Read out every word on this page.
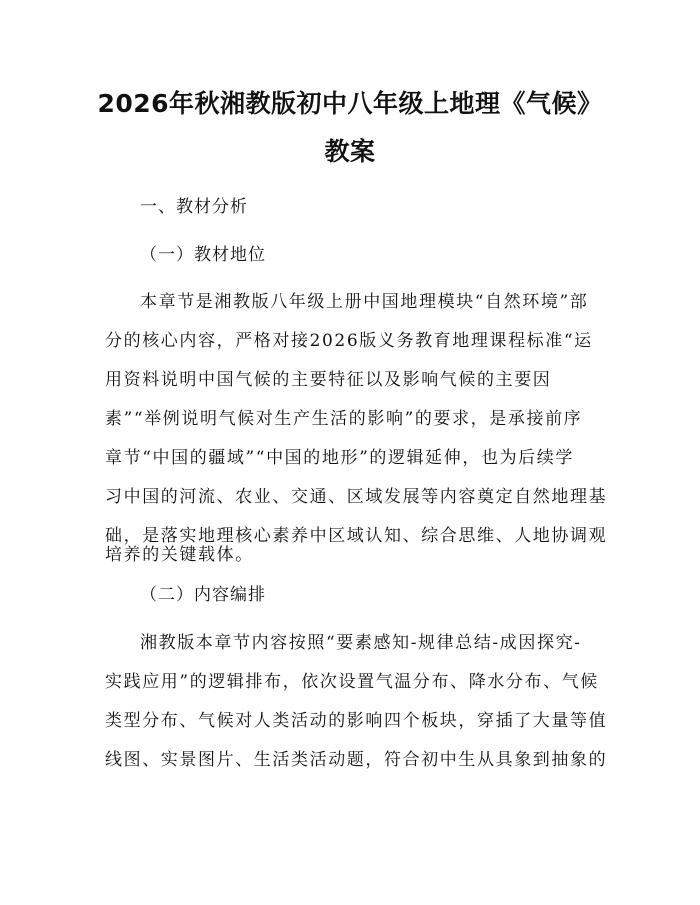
2026年秋湘教版初中八年级上地理《气候》
教案
一、教材分析
（一）教材地位
本章节是湘教版八年级上册中国地理模块“自然环境”部
分的核心内容，严格对接2026版义务教育地理课程标准“运
用资料说明中国气候的主要特征以及影响气候的主要因
素”“举例说明气候对生产生活的影响”的要求，是承接前序
章节“中国的疆域”“中国的地形”的逻辑延伸，也为后续学
习中国的河流、农业、交通、区域发展等内容奠定自然地理基
础，是落实地理核心素养中区域认知、综合思维、人地协调观
培养的关键载体。
（二）内容编排
湘教版本章节内容按照“要素感知-规律总结-成因探究-
实践应用”的逻辑排布，依次设置气温分布、降水分布、气候
类型分布、气候对人类活动的影响四个板块，穿插了大量等值
线图、实景图片、生活类活动题，符合初中生从具象到抽象的
